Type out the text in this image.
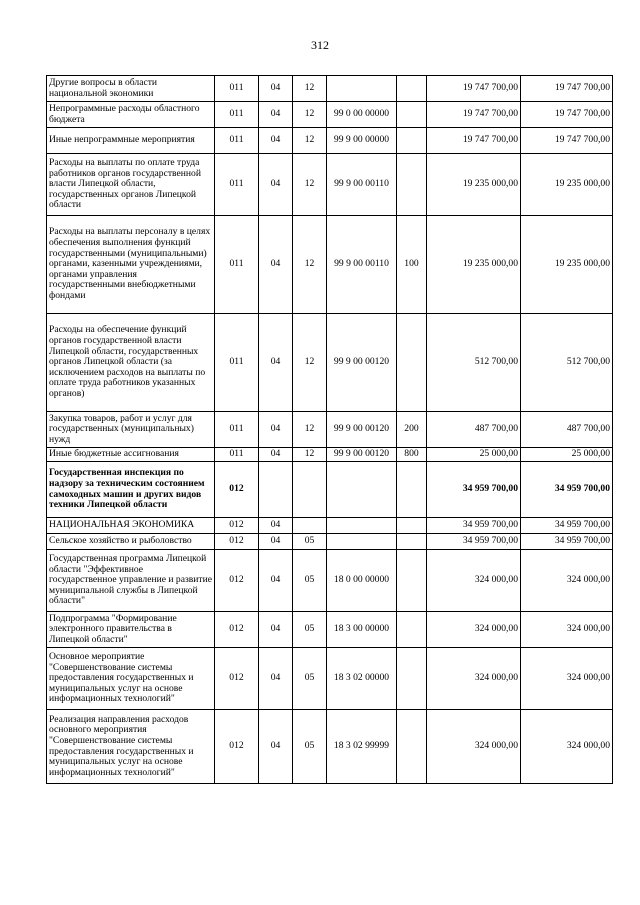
312
Другие вопросы в области национальной экономики	011	04	12			19 747 700,00	19 747 700,00
Непрограммные расходы областного бюджета	011	04	12	99 0 00 00000		19 747 700,00	19 747 700,00
Иные непрограммные мероприятия	011	04	12	99 9 00 00000		19 747 700,00	19 747 700,00
Расходы на выплаты по оплате труда работников органов государственной власти Липецкой области, государственных органов Липецкой области	011	04	12	99 9 00 00110		19 235 000,00	19 235 000,00
Расходы на выплаты персоналу в целях обеспечения выполнения функций государственными (муниципальными) органами, казенными учреждениями, органами управления государственными внебюджетными фондами	011	04	12	99 9 00 00110	100	19 235 000,00	19 235 000,00
Расходы на обеспечение функций органов государственной власти Липецкой области, государственных органов Липецкой области (за исключением расходов на выплаты по оплате труда работников указанных органов)	011	04	12	99 9 00 00120		512 700,00	512 700,00
Закупка товаров, работ и услуг для государственных (муниципальных) нужд	011	04	12	99 9 00 00120	200	487 700,00	487 700,00
Иные бюджетные ассигнования	011	04	12	99 9 00 00120	800	25 000,00	25 000,00
Государственная инспекция по надзору за техническим состоянием самоходных машин и других видов техники Липецкой области	012					34 959 700,00	34 959 700,00
НАЦИОНАЛЬНАЯ ЭКОНОМИКА	012	04				34 959 700,00	34 959 700,00
Сельское хозяйство и рыболовство	012	04	05			34 959 700,00	34 959 700,00
Государственная программа Липецкой области "Эффективное государственное управление и развитие муниципальной службы в Липецкой области"	012	04	05	18 0 00 00000		324 000,00	324 000,00
Подпрограмма "Формирование электронного правительства в Липецкой области"	012	04	05	18 3 00 00000		324 000,00	324 000,00
Основное мероприятие "Совершенствование системы предоставления государственных и муниципальных услуг на основе информационных технологий"	012	04	05	18 3 02 00000		324 000,00	324 000,00
Реализация направления расходов основного мероприятия "Совершенствование системы предоставления государственных и муниципальных услуг на основе информационных технологий"	012	04	05	18 3 02 99999		324 000,00	324 000,00
